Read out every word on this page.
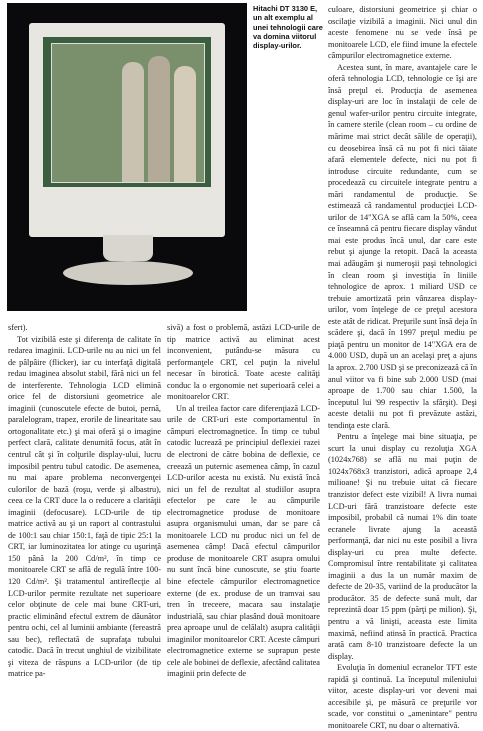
Hitachi DT 3130 E, un alt exemplu al unei tehnologii care va domina viitorul display-urilor.

sfert).

Tot vizibilă este şi diferenţa de calitate în redarea imaginii. LCD-urile nu au nici un fel de pâlpâire (flicker), iar cu interfaţă digitală redau imaginea absolut stabil, fără nici un fel de interferente. Tehnologia LCD elimină orice fel de distorsiuni geometrice ale imaginii (cunoscutele efecte de butoi, pernă, paralelogram, trapez, erorile de linearitate sau ortogonalitate etc.) şi mai oferă şi o imagine perfect clară, calitate denumită focus, atât în centrul cât şi în colţurile display-ului, lucru imposibil pentru tubul catodic. De asemenea, nu mai apare problema neconvergenţei culorilor de bază (roşu, verde şi albastru), ceea ce la CRT duce la o reducere a clarităţii imaginii (defocusare). LCD-urile de tip matrice activă au şi un raport al contrastului de 100:1 sau chiar 150:1, faţă de tipic 25:1 la CRT, iar luminozitatea lor atinge cu uşurinţă 150 până la 200 Cd/m², în timp ce monitoarele CRT se află de regulă între 100-120 Cd/m². Şi tratamentul antireflecţie al LCD-urilor permite rezultate net superioare celor obţinute de cele mai bune CRT-uri, practic eliminând efectul extrem de dăunător pentru ochi, cel al luminii ambiante (fereastră sau bec), reflectată de suprafaţa tubului catodic. Dacă în trecut unghiul de vizibilitate şi viteza de răspuns a LCD-urilor (de tip matrice pa-

sivă) a fost o problemă, astăzi LCD-urile de tip matrice activă au eliminat acest inconvenient, putându-se măsura cu performanţele CRT, cel puţin la nivelul necesar în birotică. Toate aceste calităţi conduc la o ergonomie net superioară celei a monitoarelor CRT.

Un al treilea factor care diferenţiază LCD-urile de CRT-uri este comportamentul în câmpuri electromagnetice. În timp ce tubul catodic lucrează pe principiul deflexiei razei de electroni de către bobina de deflexie, ce creează un puternic asemenea câmp, în cazul LCD-urilor acesta nu există. Nu există încă nici un fel de rezultat al studiilor asupra efectelor pe care le au câmpurile electromagnetice produse de monitoare asupra organismului uman, dar se pare că monitoarele LCD nu produc nici un fel de asemenea câmp! Dacă efectul câmpurilor produse de monitoarele CRT asupra omului nu sunt încă bine cunoscute, se ştiu foarte bine efectele câmpurilor electromagnetice externe (de ex. produse de un tramvai sau tren în treceere, macara sau instalaţie industrială, sau chiar plasând două monitoare prea aproape unul de celălalt) asupra calităţii imaginilor monitoarelor CRT. Aceste câmpuri electromagnetice externe se suprapun peste cele ale bobinei de deflexie, afectând calitatea imaginii prin defecte de

culoare, distorsiuni geometrice şi chiar o oscilaţie vizibilă a imaginii. Nici unul din aceste fenomene nu se vede însă pe monitoarele LCD, ele fiind imune la efectele câmpurilor electromagnetice externe.

Acestea sunt, în mare, avantajele care le oferă tehnologia LCD, tehnologie ce îşi are însă preţul ei. Producţia de asemenea display-uri are loc în instalaţii de cele de genul wafer-urilor pentru circuite integrate, în camere sterile (clean room – cu ordine de mărime mai strict decât sălile de operaţii), cu deosebirea însă că nu pot fi nici tăiate afară elementele defecte, nici nu pot fi introduse circuite redundante, cum se procedează cu circuitele integrate pentru a mări randamentul de producţie. Se estimează că randamentul producţiei LCD-urilor de 14"XGA se află cam la 50%, ceea ce înseamnă că pentru fiecare display vândut mai este produs încă unul, dar care este rebut şi ajunge la retopit. Dacă la aceasta mai adăugăm şi numeroşii paşi tehnologici în clean room şi investiţia în liniile tehnologice de aprox. 1 miliard USD ce trebuie amortizată prin vânzarea display-urilor, vom înţelege de ce preţul acestora este atât de ridicat. Preţurile sunt însă deja în scădere şi, dacă în 1997 preţul mediu pe piaţă pentru un monitor de 14"XGA era de 4.000 USD, după un an acelaşi preţ a ajuns la aprox. 2.700 USD şi se preconizează că în anul viitor va fi bine sub 2.000 USD (mai aproape de 1.700 sau chiar 1.500, la începutul lui '99 respectiv la sfârşit). Deşi aceste detalii nu pot fi prevăzute astăzi, tendinţa este clară.

Pentru a înţelege mai bine situaţia, pe scurt la unui display cu rezoluţia XGA (1024x768) se află nu mai puţin de 1024x768x3 tranzistori, adică aproape 2,4 milioane! Şi nu trebuie uitat că fiecare tranzistor defect este vizibil! A livra numai LCD-uri fără tranzistoare defecte este imposibil, probabil că numai 1% din toate ecranele livrate ajung la această performanţă, dar nici nu este posibil a livra display-uri cu prea multe defecte. Compromisul între rentabilitate şi calitatea imaginii a dus la un număr maxim de defecte de 20-35, variind de la producător la producător. 35 de defecte sună mult, dar reprezintă doar 15 ppm (părţi pe milion). Şi, pentru a vă linişti, aceasta este limita maximă, nefiind atinsă în practică. Practica arată cam 8-10 tranzistoare defecte la un display.

Evoluţia în domeniul ecranelor TFT este rapidă şi continuă. La începutul mileniului viitor, aceste display-uri vor deveni mai accesibile şi, pe măsură ce preţurile vor scade, vor constitui o „amenintare" pentru monitoarele CRT, nu doar o alternativă.
